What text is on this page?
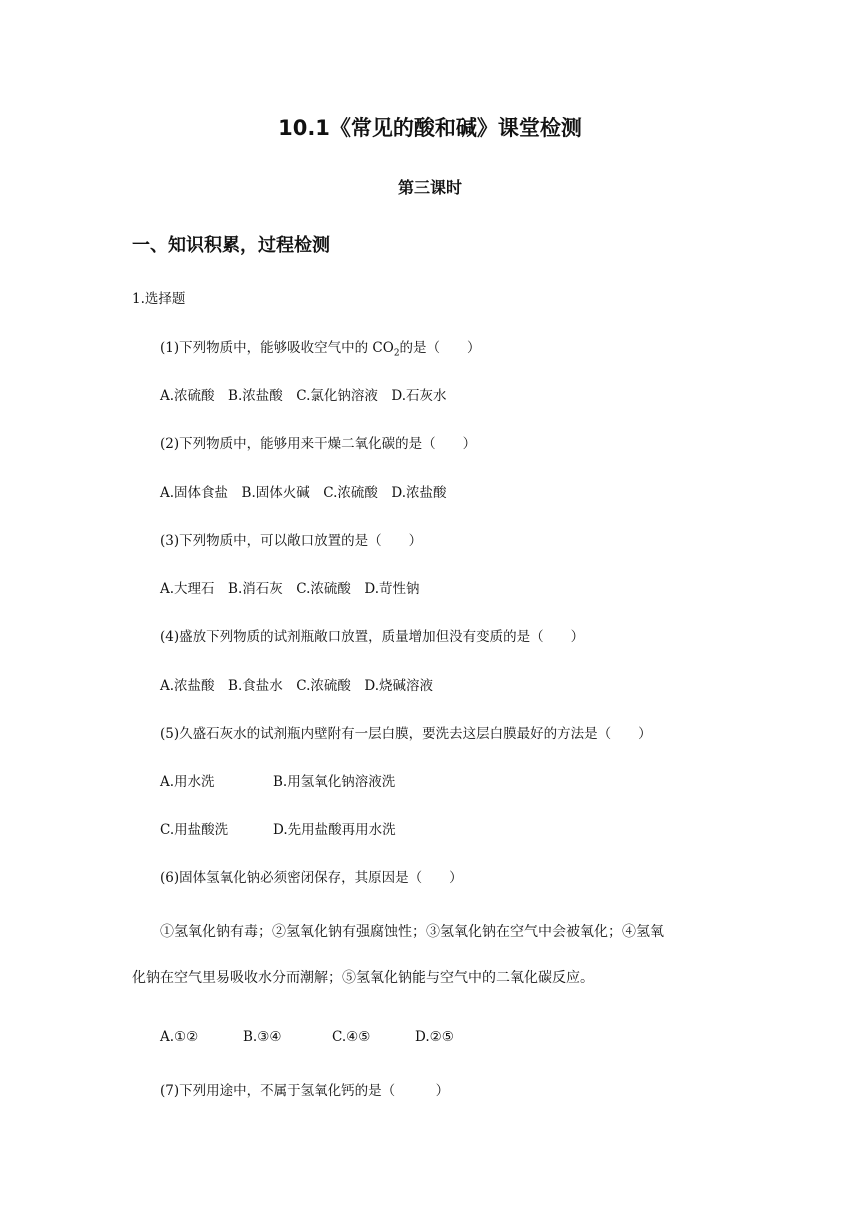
10.1《常见的酸和碱》课堂检测
第三课时
一、知识积累，过程检测
1.选择题
(1)下列物质中，能够吸收空气中的 $CO_2$的是（　　）
A.浓硫酸　B.浓盐酸　C.氯化钠溶液　D.石灰水
(2)下列物质中，能够用来干燥二氧化碳的是（　　）
A.固体食盐　B.固体火碱　C.浓硫酸　D.浓盐酸
(3)下列物质中，可以敞口放置的是（　　）
A.大理石　B.消石灰　C.浓硫酸　D.苛性钠
(4)盛放下列物质的试剂瓶敞口放置，质量增加但没有变质的是（　　）
A.浓盐酸　B.食盐水　C.浓硫酸　D.烧碱溶液
(5)久盛石灰水的试剂瓶内壁附有一层白膜，要洗去这层白膜最好的方法是（　　）
A.用水洗	B.用氢氧化钠溶液洗
C.用盐酸洗	D.先用盐酸再用水洗
(6)固体氢氧化钠必须密闭保存，其原因是（　　）
①氢氧化钠有毒；②氢氧化钠有强腐蚀性；③氢氧化钠在空气中会被氧化；④氢氧
化钠在空气里易吸收水分而潮解；⑤氢氧化钠能与空气中的二氧化碳反应。
A.①②	B.③④	C.④⑤	D.②⑤
(7)下列用途中，不属于氢氧化钙的是（　　　）
